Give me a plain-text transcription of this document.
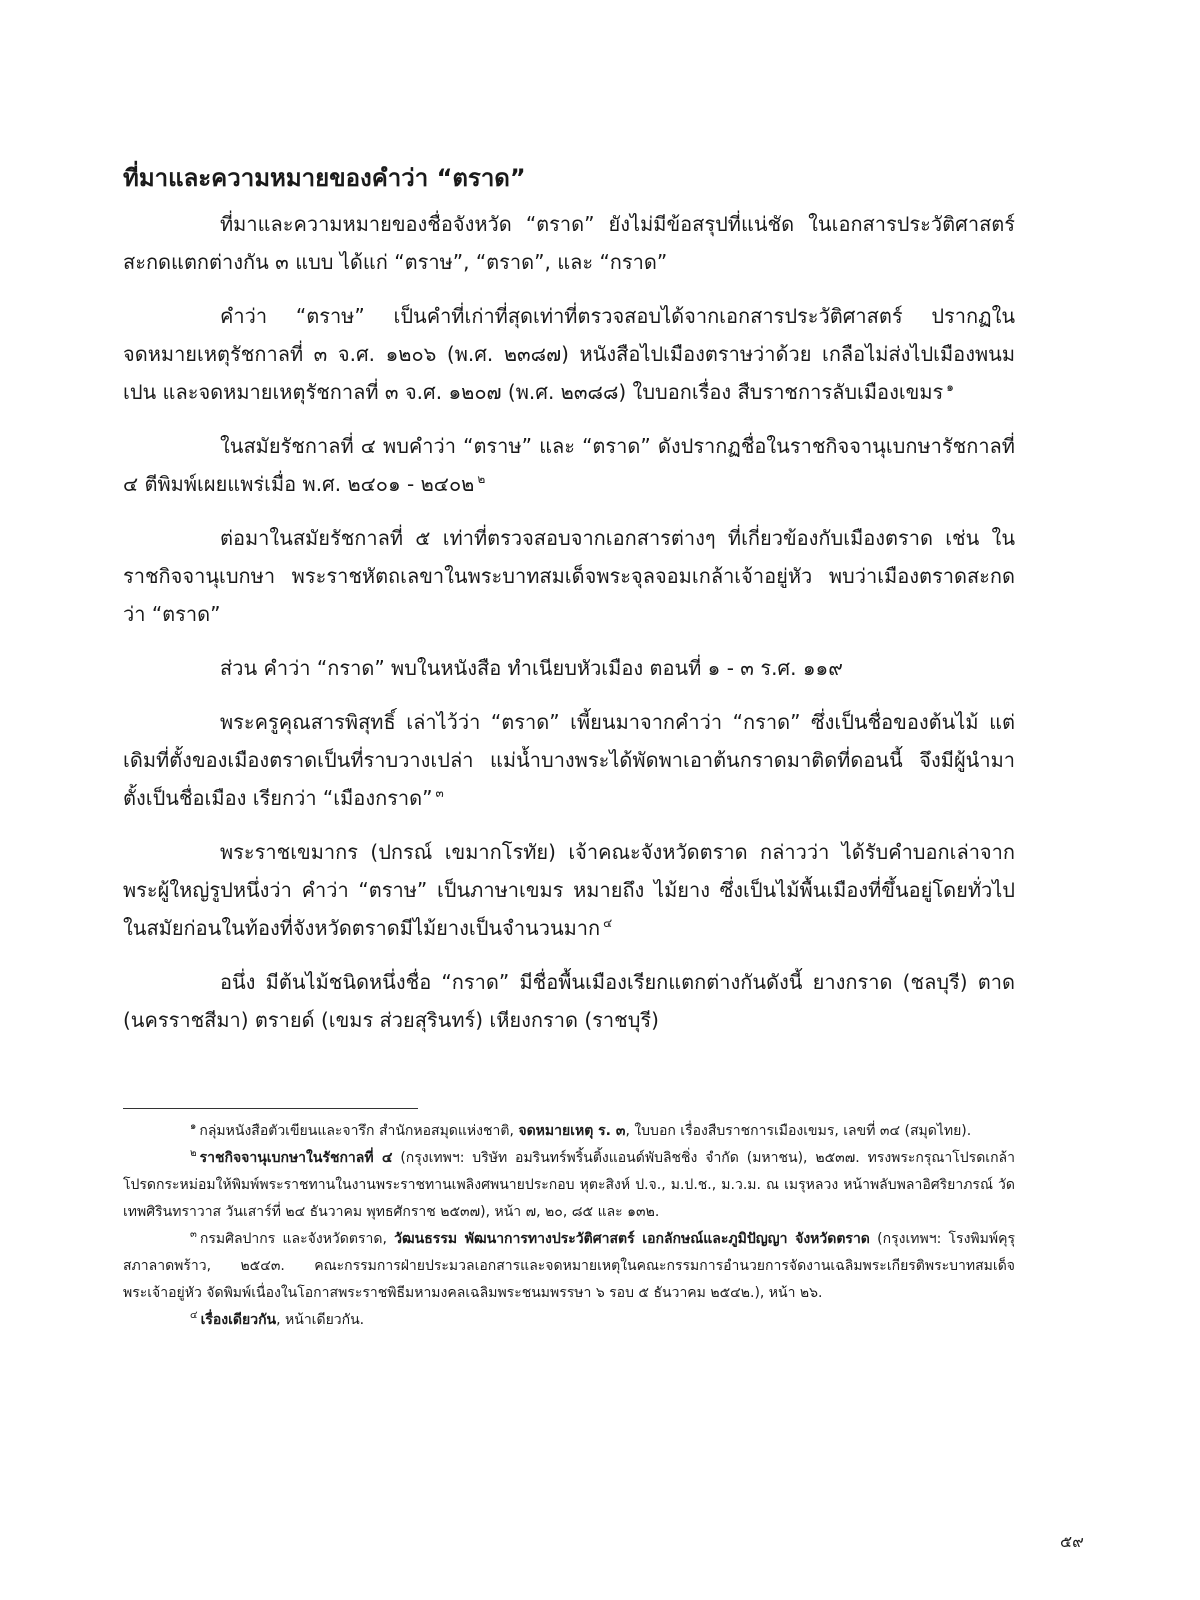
ที่มาและความหมายของคำว่า “ตราด”

ที่มาและความหมายของชื่อจังหวัด “ตราด” ยังไม่มีข้อสรุปที่แน่ชัด ในเอกสารประวัติศาสตร์สะกดแตกต่างกัน ๓ แบบ ได้แก่ “ตราษ”, “ตราด”, และ “กราด”

คำว่า “ตราษ” เป็นคำที่เก่าที่สุดเท่าที่ตรวจสอบได้จากเอกสารประวัติศาสตร์ ปรากฏในจดหมายเหตุรัชกาลที่ ๓ จ.ศ. ๑๒๐๖ (พ.ศ. ๒๓๘๗) หนังสือไปเมืองตราษว่าด้วย เกลือไม่ส่งไปเมืองพนมเปน และจดหมายเหตุรัชกาลที่ ๓ จ.ศ. ๑๒๐๗ (พ.ศ. ๒๓๘๘) ใบบอกเรื่อง สืบราชการลับเมืองเขมร $^๑$

ในสมัยรัชกาลที่ ๔ พบคำว่า “ตราษ” และ “ตราด” ดังปรากฏชื่อในราชกิจจานุเบกษารัชกาลที่ ๔ ตีพิมพ์เผยแพร่เมื่อ พ.ศ. ๒๔๐๑ - ๒๔๐๒ $^๒$

ต่อมาในสมัยรัชกาลที่ ๕ เท่าที่ตรวจสอบจากเอกสารต่างๆ ที่เกี่ยวข้องกับเมืองตราด เช่น ในราชกิจจานุเบกษา พระราชหัตถเลขาในพระบาทสมเด็จพระจุลจอมเกล้าเจ้าอยู่หัว พบว่าเมืองตราดสะกดว่า “ตราด”

ส่วน คำว่า “กราด” พบในหนังสือ ทำเนียบหัวเมือง ตอนที่ ๑ - ๓ ร.ศ. ๑๑๙

พระครูคุณสารพิสุทธิ์ เล่าไว้ว่า “ตราด” เพี้ยนมาจากคำว่า “กราด” ซึ่งเป็นชื่อของต้นไม้ แต่เดิมที่ตั้งของเมืองตราดเป็นที่ราบวางเปล่า แม่น้ำบางพระได้พัดพาเอาต้นกราดมาติดที่ดอนนี้ จึงมีผู้นำมาตั้งเป็นชื่อเมือง เรียกว่า “เมืองกราด” $^๓$

พระราชเขมากร (ปกรณ์ เขมากโรทัย) เจ้าคณะจังหวัดตราด กล่าวว่า ได้รับคำบอกเล่าจากพระผู้ใหญ่รูปหนึ่งว่า คำว่า “ตราษ” เป็นภาษาเขมร หมายถึง ไม้ยาง ซึ่งเป็นไม้พื้นเมืองที่ขึ้นอยู่โดยทั่วไป ในสมัยก่อนในท้องที่จังหวัดตราดมีไม้ยางเป็นจำนวนมาก $^๔$

อนึ่ง มีต้นไม้ชนิดหนึ่งชื่อ “กราด” มีชื่อพื้นเมืองเรียกแตกต่างกันดังนี้ ยางกราด (ชลบุรี) ตาด (นครราชสีมา) ตรายด์ (เขมร ส่วยสุรินทร์) เหียงกราด (ราชบุรี)

$^๑$ กลุ่มหนังสือตัวเขียนและจารึก สำนักหอสมุดแห่งชาติ, จดหมายเหตุ ร. ๓, ใบบอก เรื่องสืบราชการเมืองเขมร, เลขที่ ๓๔ (สมุดไทย).

$^๒$ ราชกิจจานุเบกษาในรัชกาลที่ ๔ (กรุงเทพฯ: บริษัท อมรินทร์พริ้นติ้งแอนด์พับลิชชิ่ง จำกัด (มหาชน), ๒๕๓๗. ทรงพระกรุณาโปรดเกล้าโปรดกระหม่อมให้พิมพ์พระราชทานในงานพระราชทานเพลิงศพนายประกอบ หุตะสิงห์ ป.จ., ม.ป.ช., ม.ว.ม. ณ เมรุหลวง หน้าพลับพลาอิศริยาภรณ์ วัดเทพศิรินทราวาส วันเสาร์ที่ ๒๔ ธันวาคม พุทธศักราช ๒๕๓๗), หน้า ๗, ๒๐, ๘๕ และ ๑๓๒.

$^๓$ กรมศิลปากร และจังหวัดตราด, วัฒนธรรม พัฒนาการทางประวัติศาสตร์ เอกลักษณ์และภูมิปัญญา จังหวัดตราด (กรุงเทพฯ: โรงพิมพ์คุรุสภาลาดพร้าว, ๒๕๔๓. คณะกรรมการฝ่ายประมวลเอกสารและจดหมายเหตุในคณะกรรมการอำนวยการจัดงานเฉลิมพระเกียรติพระบาทสมเด็จพระเจ้าอยู่หัว จัดพิมพ์เนื่องในโอกาสพระราชพิธีมหามงคลเฉลิมพระชนมพรรษา ๖ รอบ ๕ ธันวาคม ๒๕๔๒.), หน้า ๒๖.

$^๔$ เรื่องเดียวกัน, หน้าเดียวกัน.

๕๙
